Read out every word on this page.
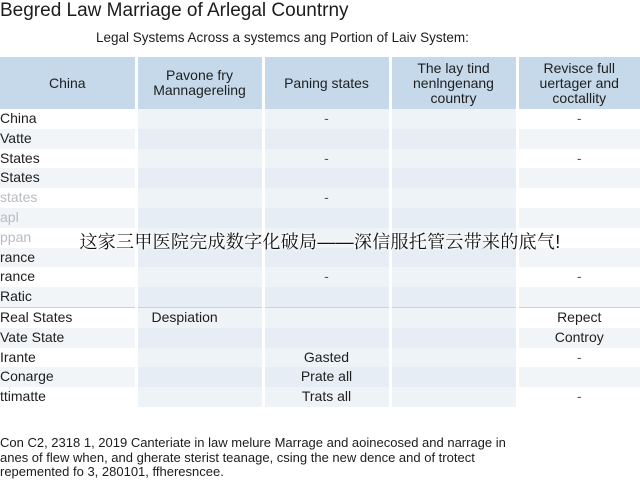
Begred Law Marriage of Arlegal Countrny
Legal Systems Across a systemcs ang Portion of Laiv System:
China	Pavone fry Mannagereling	Paning states	The lay tind nenlngenang country	Revisce full uertager and coctallity
China		-		-
Vatte				
States		-		-
States				
states		-		
apl				
ppan				
rance				
rance		-		-
Ratic				
Real States	Despiation			Repect
Vate State				Controy
Irante		Gasted		-
Conarge		Prate all		
ttimatte		Trats all		-
这家三甲医院完成数字化破局——深信服托管云带来的底气!
Con C2, 2318 1, 2019 Canteriate in law melure Marrage and aoinecosed and narrage in
anes of flew when, and gherate sterist teanage, csing the new dence and of trotect
repemented fo 3, 280101, ffheresncee.
